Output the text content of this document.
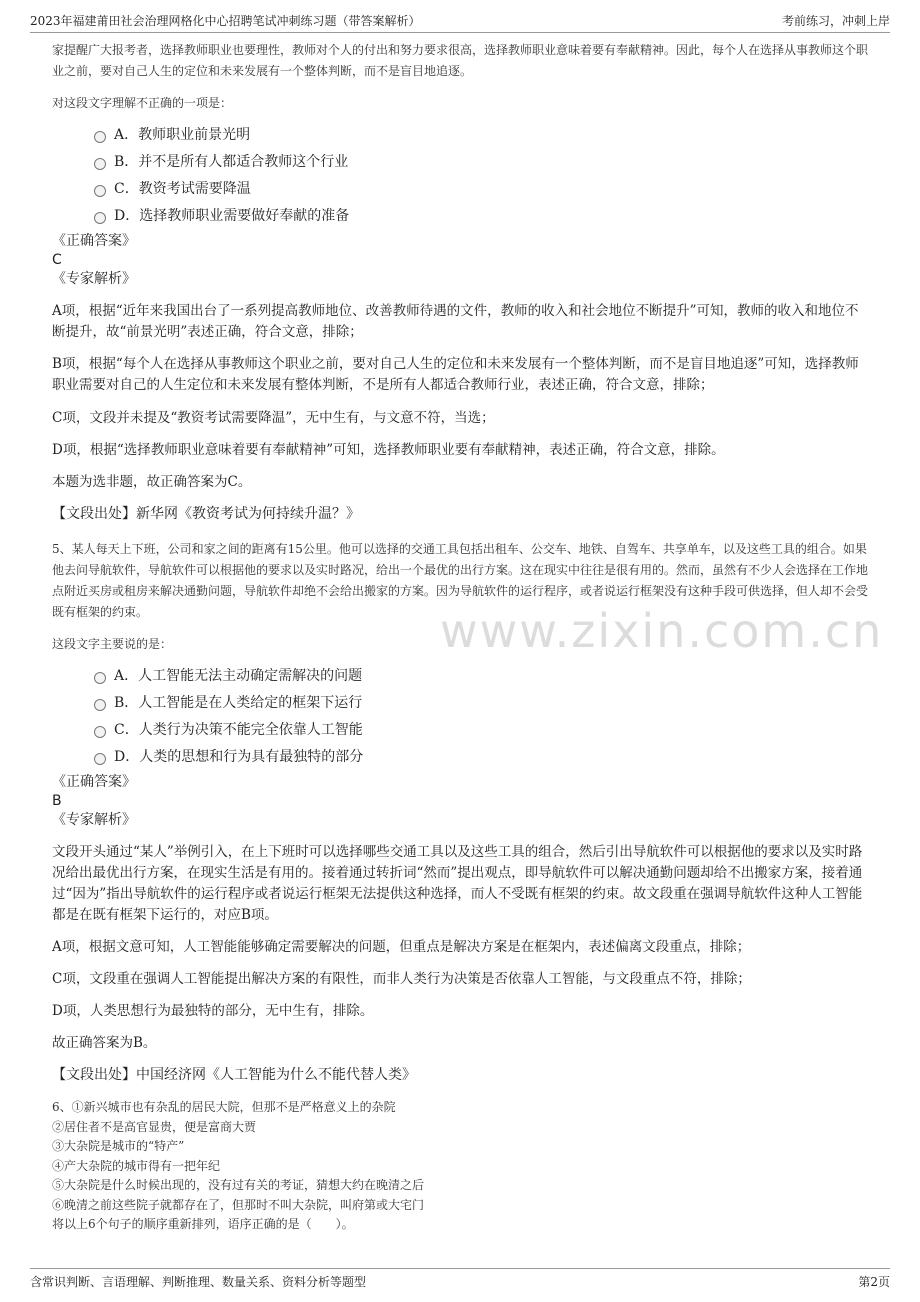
2023年福建莆田社会治理网格化中心招聘笔试冲刺练习题（带答案解析）	考前练习，冲刺上岸
www.zixin.com.cn

家提醒广大报考者，选择教师职业也要理性，教师对个人的付出和努力要求很高，选择教师职业意味着要有奉献精神。因此，每个人在选择从事教师这个职业之前，要对自己人生的定位和未来发展有一个整体判断，而不是盲目地追逐。

对这段文字理解不正确的一项是：

A．教师职业前景光明
B．并不是所有人都适合教师这个行业
C．教资考试需要降温
D．选择教师职业需要做好奉献的准备

《正确答案》

C

《专家解析》

A项，根据“近年来我国出台了一系列提高教师地位、改善教师待遇的文件，教师的收入和社会地位不断提升”可知，教师的收入和地位不断提升，故“前景光明”表述正确，符合文意，排除；

B项，根据“每个人在选择从事教师这个职业之前，要对自己人生的定位和未来发展有一个整体判断，而不是盲目地追逐”可知，选择教师职业需要对自己的人生定位和未来发展有整体判断，不是所有人都适合教师行业，表述正确，符合文意，排除；

C项，文段并未提及“教资考试需要降温”，无中生有，与文意不符，当选；

D项，根据“选择教师职业意味着要有奉献精神”可知，选择教师职业要有奉献精神，表述正确，符合文意，排除。

本题为选非题，故正确答案为C。

【文段出处】新华网《教资考试为何持续升温？》

5、某人每天上下班，公司和家之间的距离有15公里。他可以选择的交通工具包括出租车、公交车、地铁、自驾车、共享单车，以及这些工具的组合。如果他去问导航软件，导航软件可以根据他的要求以及实时路况，给出一个最优的出行方案。这在现实中往往是很有用的。然而，虽然有不少人会选择在工作地点附近买房或租房来解决通勤问题，导航软件却绝不会给出搬家的方案。因为导航软件的运行程序，或者说运行框架没有这种手段可供选择，但人却不会受既有框架的约束。

这段文字主要说的是：

A．人工智能无法主动确定需解决的问题
B．人工智能是在人类给定的框架下运行
C．人类行为决策不能完全依靠人工智能
D．人类的思想和行为具有最独特的部分

《正确答案》

B

《专家解析》

文段开头通过“某人”举例引入，在上下班时可以选择哪些交通工具以及这些工具的组合，然后引出导航软件可以根据他的要求以及实时路况给出最优出行方案，在现实生活是有用的。接着通过转折词“然而”提出观点，即导航软件可以解决通勤问题却给不出搬家方案，接着通过“因为”指出导航软件的运行程序或者说运行框架无法提供这种选择，而人不受既有框架的约束。故文段重在强调导航软件这种人工智能都是在既有框架下运行的，对应B项。

A项，根据文意可知，人工智能能够确定需要解决的问题，但重点是解决方案是在框架内，表述偏离文段重点，排除；

C项，文段重在强调人工智能提出解决方案的有限性，而非人类行为决策是否依靠人工智能，与文段重点不符，排除；

D项，人类思想行为最独特的部分，无中生有，排除。

故正确答案为B。

【文段出处】中国经济网《人工智能为什么不能代替人类》

6、①新兴城市也有杂乱的居民大院，但那不是严格意义上的杂院

②居住者不是高官显贵，便是富商大贾

③大杂院是城市的“特产”

④产大杂院的城市得有一把年纪

⑤大杂院是什么时候出现的，没有过有关的考证，猜想大约在晚清之后

⑥晚清之前这些院子就都存在了，但那时不叫大杂院，叫府第或大宅门

将以上6个句子的顺序重新排列，语序正确的是（　　）。

含常识判断、言语理解、判断推理、数量关系、资料分析等题型	第2页
